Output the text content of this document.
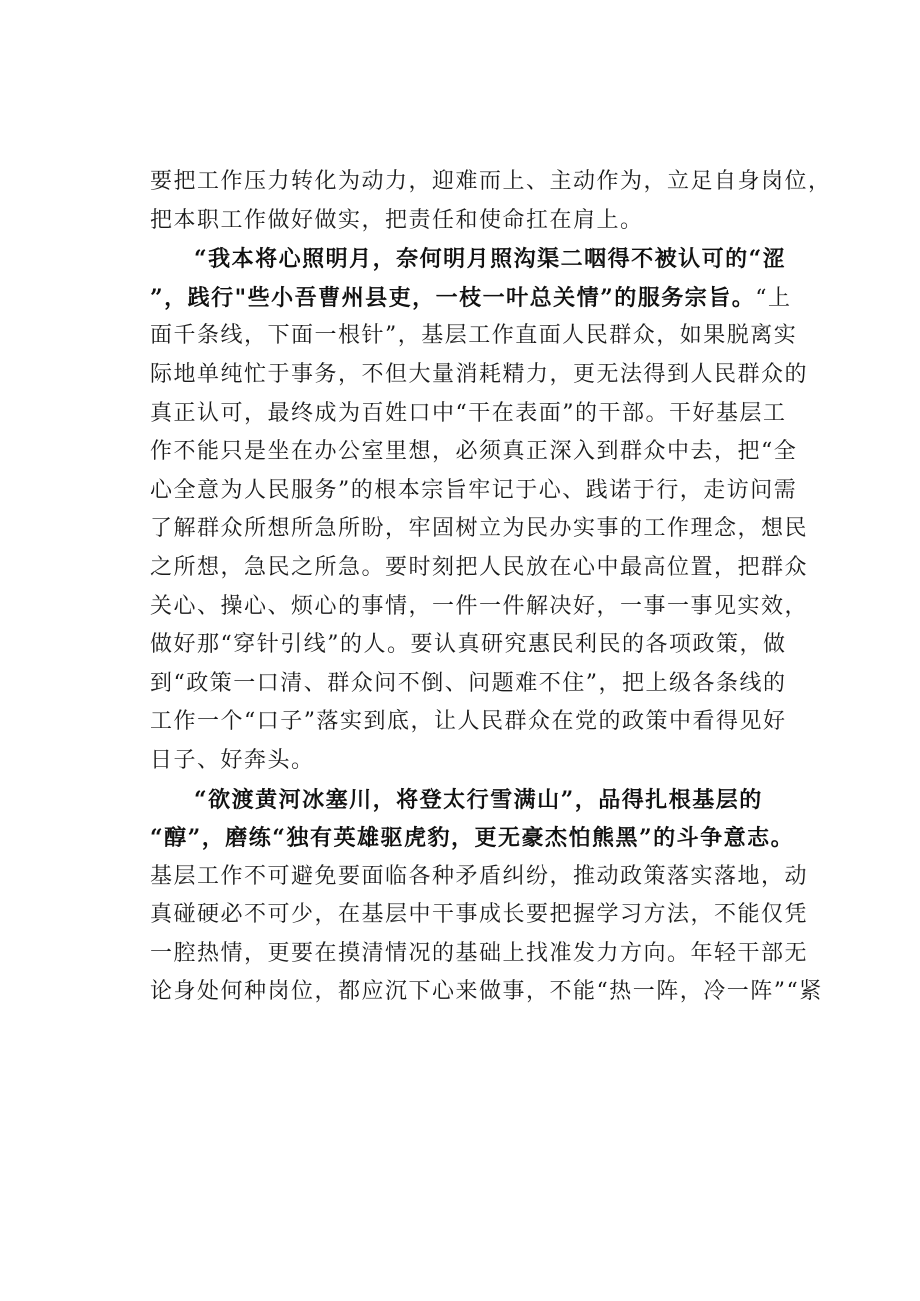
要把工作压力转化为动力，迎难而上、主动作为，立足自身岗位，
把本职工作做好做实，把责任和使命扛在肩上。
“我本将心照明月，奈何明月照沟渠二咽得不被认可的“涩
”，践行"些小吾曹州县吏，一枝一叶总关情”的服务宗旨。“上
面千条线，下面一根针”，基层工作直面人民群众，如果脱离实
际地单纯忙于事务，不但大量消耗精力，更无法得到人民群众的
真正认可，最终成为百姓口中“干在表面”的干部。干好基层工
作不能只是坐在办公室里想，必须真正深入到群众中去，把“全
心全意为人民服务”的根本宗旨牢记于心、践诺于行，走访问需
了解群众所想所急所盼，牢固树立为民办实事的工作理念，想民
之所想，急民之所急。要时刻把人民放在心中最高位置，把群众
关心、操心、烦心的事情，一件一件解决好，一事一事见实效，
做好那“穿针引线”的人。要认真研究惠民利民的各项政策，做
到“政策一口清、群众问不倒、问题难不住”，把上级各条线的
工作一个“口子”落实到底，让人民群众在党的政策中看得见好
日子、好奔头。
“欲渡黄河冰塞川，将登太行雪满山”，品得扎根基层的
“醇”，磨练“独有英雄驱虎豹，更无豪杰怕熊黑”的斗争意志。
基层工作不可避免要面临各种矛盾纠纷，推动政策落实落地，动
真碰硬必不可少，在基层中干事成长要把握学习方法，不能仅凭
一腔热情，更要在摸清情况的基础上找准发力方向。年轻干部无
论身处何种岗位，都应沉下心来做事，不能“热一阵，冷一阵”“紧
